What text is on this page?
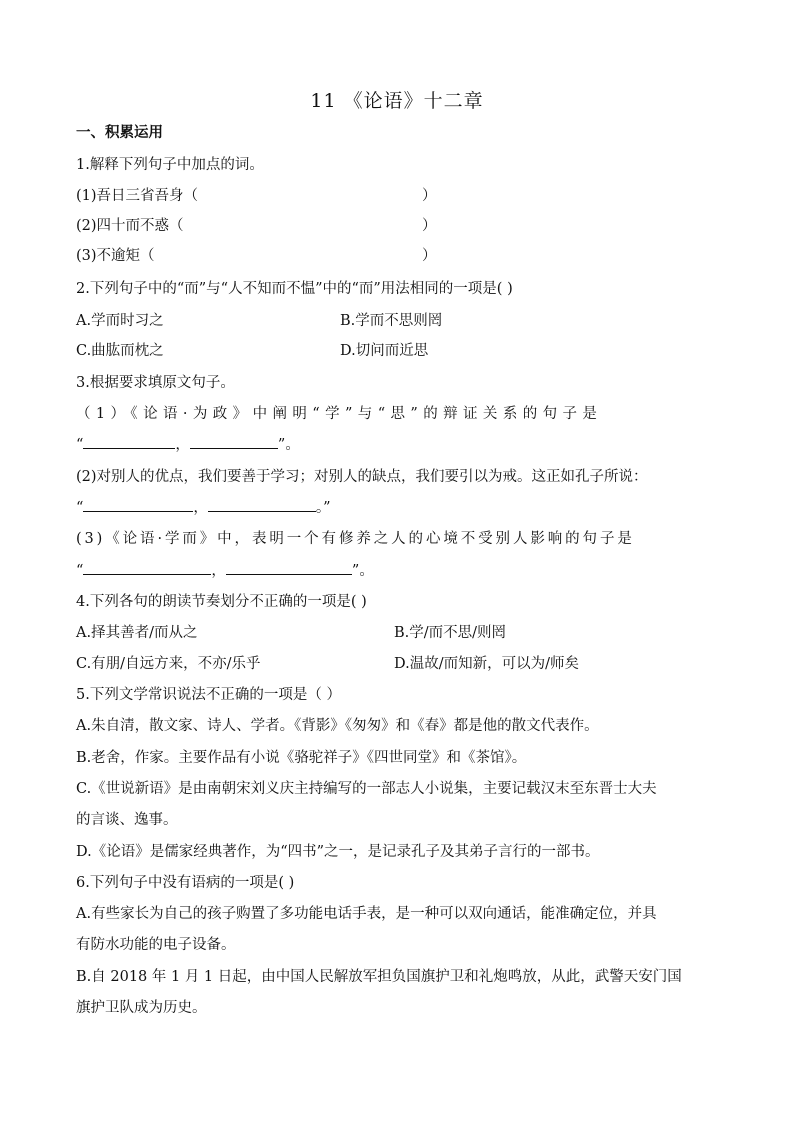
11 《论语》十二章
一、积累运用
1.解释下列句子中加点的词。
(1)吾日三省吾身（	）
(2)四十而不惑（	）
(3)不逾矩（	）
2.下列句子中的“而”与“人不知而不愠”中的“而”用法相同的一项是( )
A.学而时习之	B.学而不思则罔
C.曲肱而枕之	D.切问而近思
3.根据要求填原文句子。
（1）《论语·为政》中阐明“学”与“思”的辩证关系的句子是
“	，	”。
(2)对别人的优点，我们要善于学习；对别人的缺点，我们要引以为戒。这正如孔子所说：
“	，	。”
(3)《论语·学而》中，表明一个有修养之人的心境不受别人影响的句子是
“	，	”。
4.下列各句的朗读节奏划分不正确的一项是( )
A.择其善者/而从之	B.学/而不思/则罔
C.有朋/自远方来，不亦/乐乎	D.温故/而知新，可以为/师矣
5.下列文学常识说法不正确的一项是（ ）
A.朱自清，散文家、诗人、学者。《背影》《匆匆》和《春》都是他的散文代表作。
B.老舍，作家。主要作品有小说《骆驼祥子》《四世同堂》和《茶馆》。
C.《世说新语》是由南朝宋刘义庆主持编写的一部志人小说集，主要记载汉末至东晋士大夫
的言谈、逸事。
D.《论语》是儒家经典著作，为“四书”之一，是记录孔子及其弟子言行的一部书。
6.下列句子中没有语病的一项是( )
A.有些家长为自己的孩子购置了多功能电话手表，是一种可以双向通话，能准确定位，并具
有防水功能的电子设备。
B.自 2018 年 1 月 1 日起，由中国人民解放军担负国旗护卫和礼炮鸣放，从此，武警天安门国
旗护卫队成为历史。
